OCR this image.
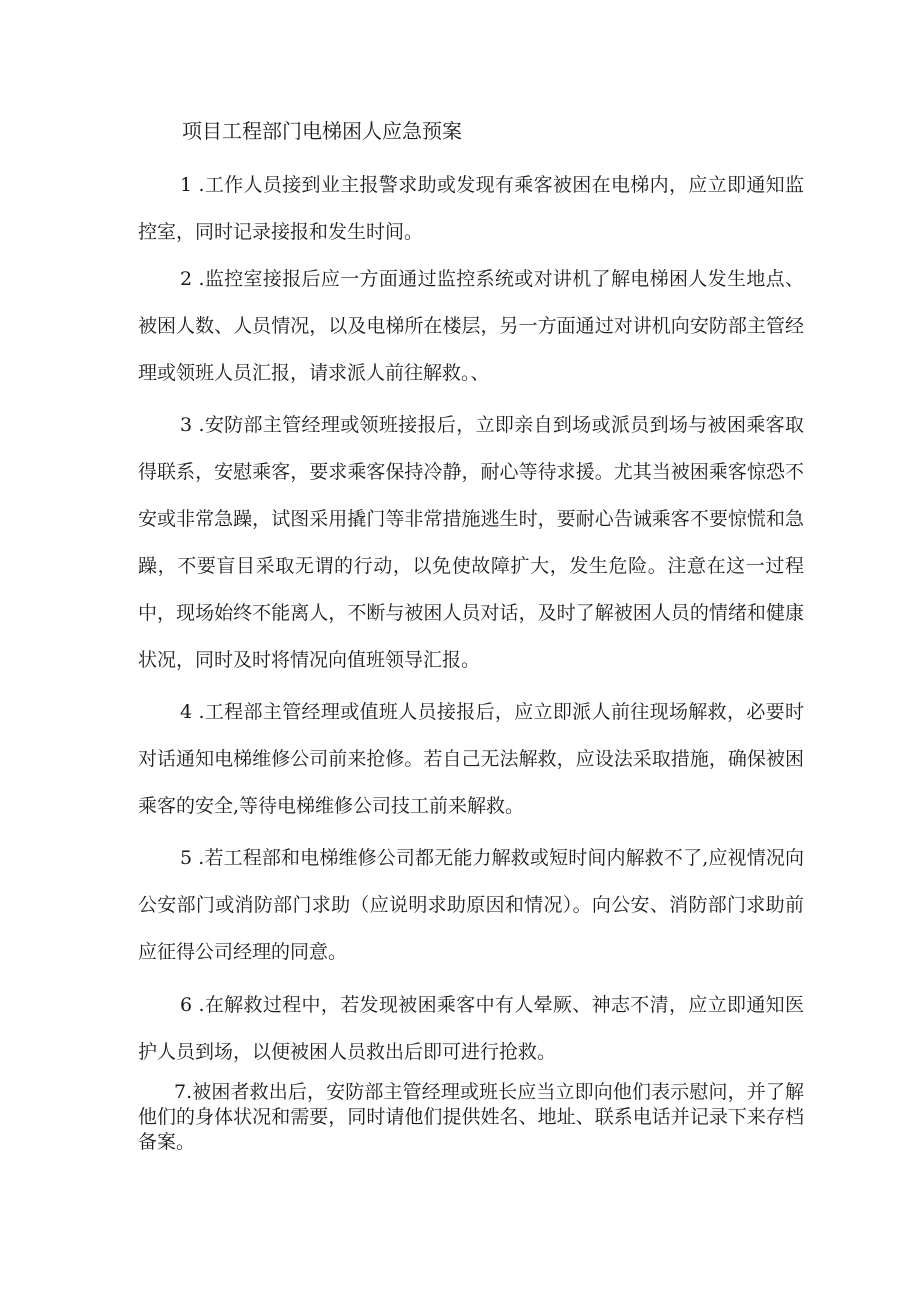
项目工程部门电梯困人应急预案

1 .工作人员接到业主报警求助或发现有乘客被困在电梯内，应立即通知监控室，同时记录接报和发生时间。

2 .监控室接报后应一方面通过监控系统或对讲机了解电梯困人发生地点、被困人数、人员情况，以及电梯所在楼层，另一方面通过对讲机向安防部主管经理或领班人员汇报，请求派人前往解救。、

3 .安防部主管经理或领班接报后，立即亲自到场或派员到场与被困乘客取得联系，安慰乘客，要求乘客保持冷静，耐心等待求援。尤其当被困乘客惊恐不安或非常急躁，试图采用撬门等非常措施逃生时，要耐心告诫乘客不要惊慌和急躁，不要盲目采取无谓的行动，以免使故障扩大，发生危险。注意在这一过程中，现场始终不能离人，不断与被困人员对话，及时了解被困人员的情绪和健康状况，同时及时将情况向值班领导汇报。

4 .工程部主管经理或值班人员接报后，应立即派人前往现场解救，必要时对话通知电梯维修公司前来抢修。若自己无法解救，应设法采取措施，确保被困乘客的安全,等待电梯维修公司技工前来解救。

5 .若工程部和电梯维修公司都无能力解救或短时间内解救不了,应视情况向公安部门或消防部门求助（应说明求助原因和情况）。向公安、消防部门求助前应征得公司经理的同意。

6 .在解救过程中，若发现被困乘客中有人晕厥、神志不清，应立即通知医护人员到场，以便被困人员救出后即可进行抢救。

7.被困者救出后，安防部主管经理或班长应当立即向他们表示慰问，并了解他们的身体状况和需要，同时请他们提供姓名、地址、联系电话并记录下来存档备案。
